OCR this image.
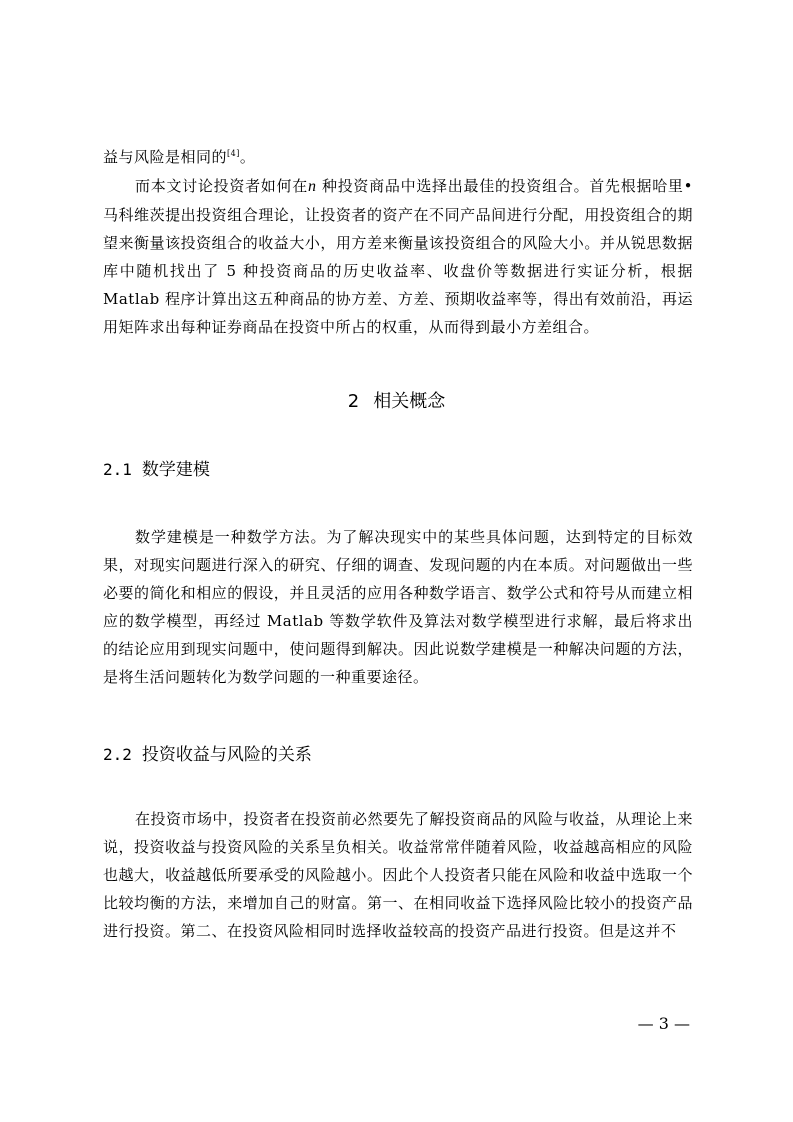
益与风险是相同的[4]。

而本文讨论投资者如何在n 种投资商品中选择出最佳的投资组合。首先根据哈里•马科维茨提出投资组合理论，让投资者的资产在不同产品间进行分配，用投资组合的期望来衡量该投资组合的收益大小，用方差来衡量该投资组合的风险大小。并从锐思数据库中随机找出了 5 种投资商品的历史收益率、收盘价等数据进行实证分析，根据 Matlab 程序计算出这五种商品的协方差、方差、预期收益率等，得出有效前沿，再运用矩阵求出每种证券商品在投资中所占的权重，从而得到最小方差组合。

2 相关概念
2.1 数学建模

数学建模是一种数学方法。为了解决现实中的某些具体问题，达到特定的目标效果，对现实问题进行深入的研究、仔细的调查、发现问题的内在本质。对问题做出一些必要的简化和相应的假设，并且灵活的应用各种数学语言、数学公式和符号从而建立相应的数学模型，再经过 Matlab 等数学软件及算法对数学模型进行求解，最后将求出的结论应用到现实问题中，使问题得到解决。因此说数学建模是一种解决问题的方法，是将生活问题转化为数学问题的一种重要途径。

2.2 投资收益与风险的关系

在投资市场中，投资者在投资前必然要先了解投资商品的风险与收益，从理论上来说，投资收益与投资风险的关系呈负相关。收益常常伴随着风险，收益越高相应的风险也越大，收益越低所要承受的风险越小。因此个人投资者只能在风险和收益中选取一个比较均衡的方法，来增加自己的财富。第一、在相同收益下选择风险比较小的投资产品进行投资。第二、在投资风险相同时选择收益较高的投资产品进行投资。但是这并不

— 3 —
